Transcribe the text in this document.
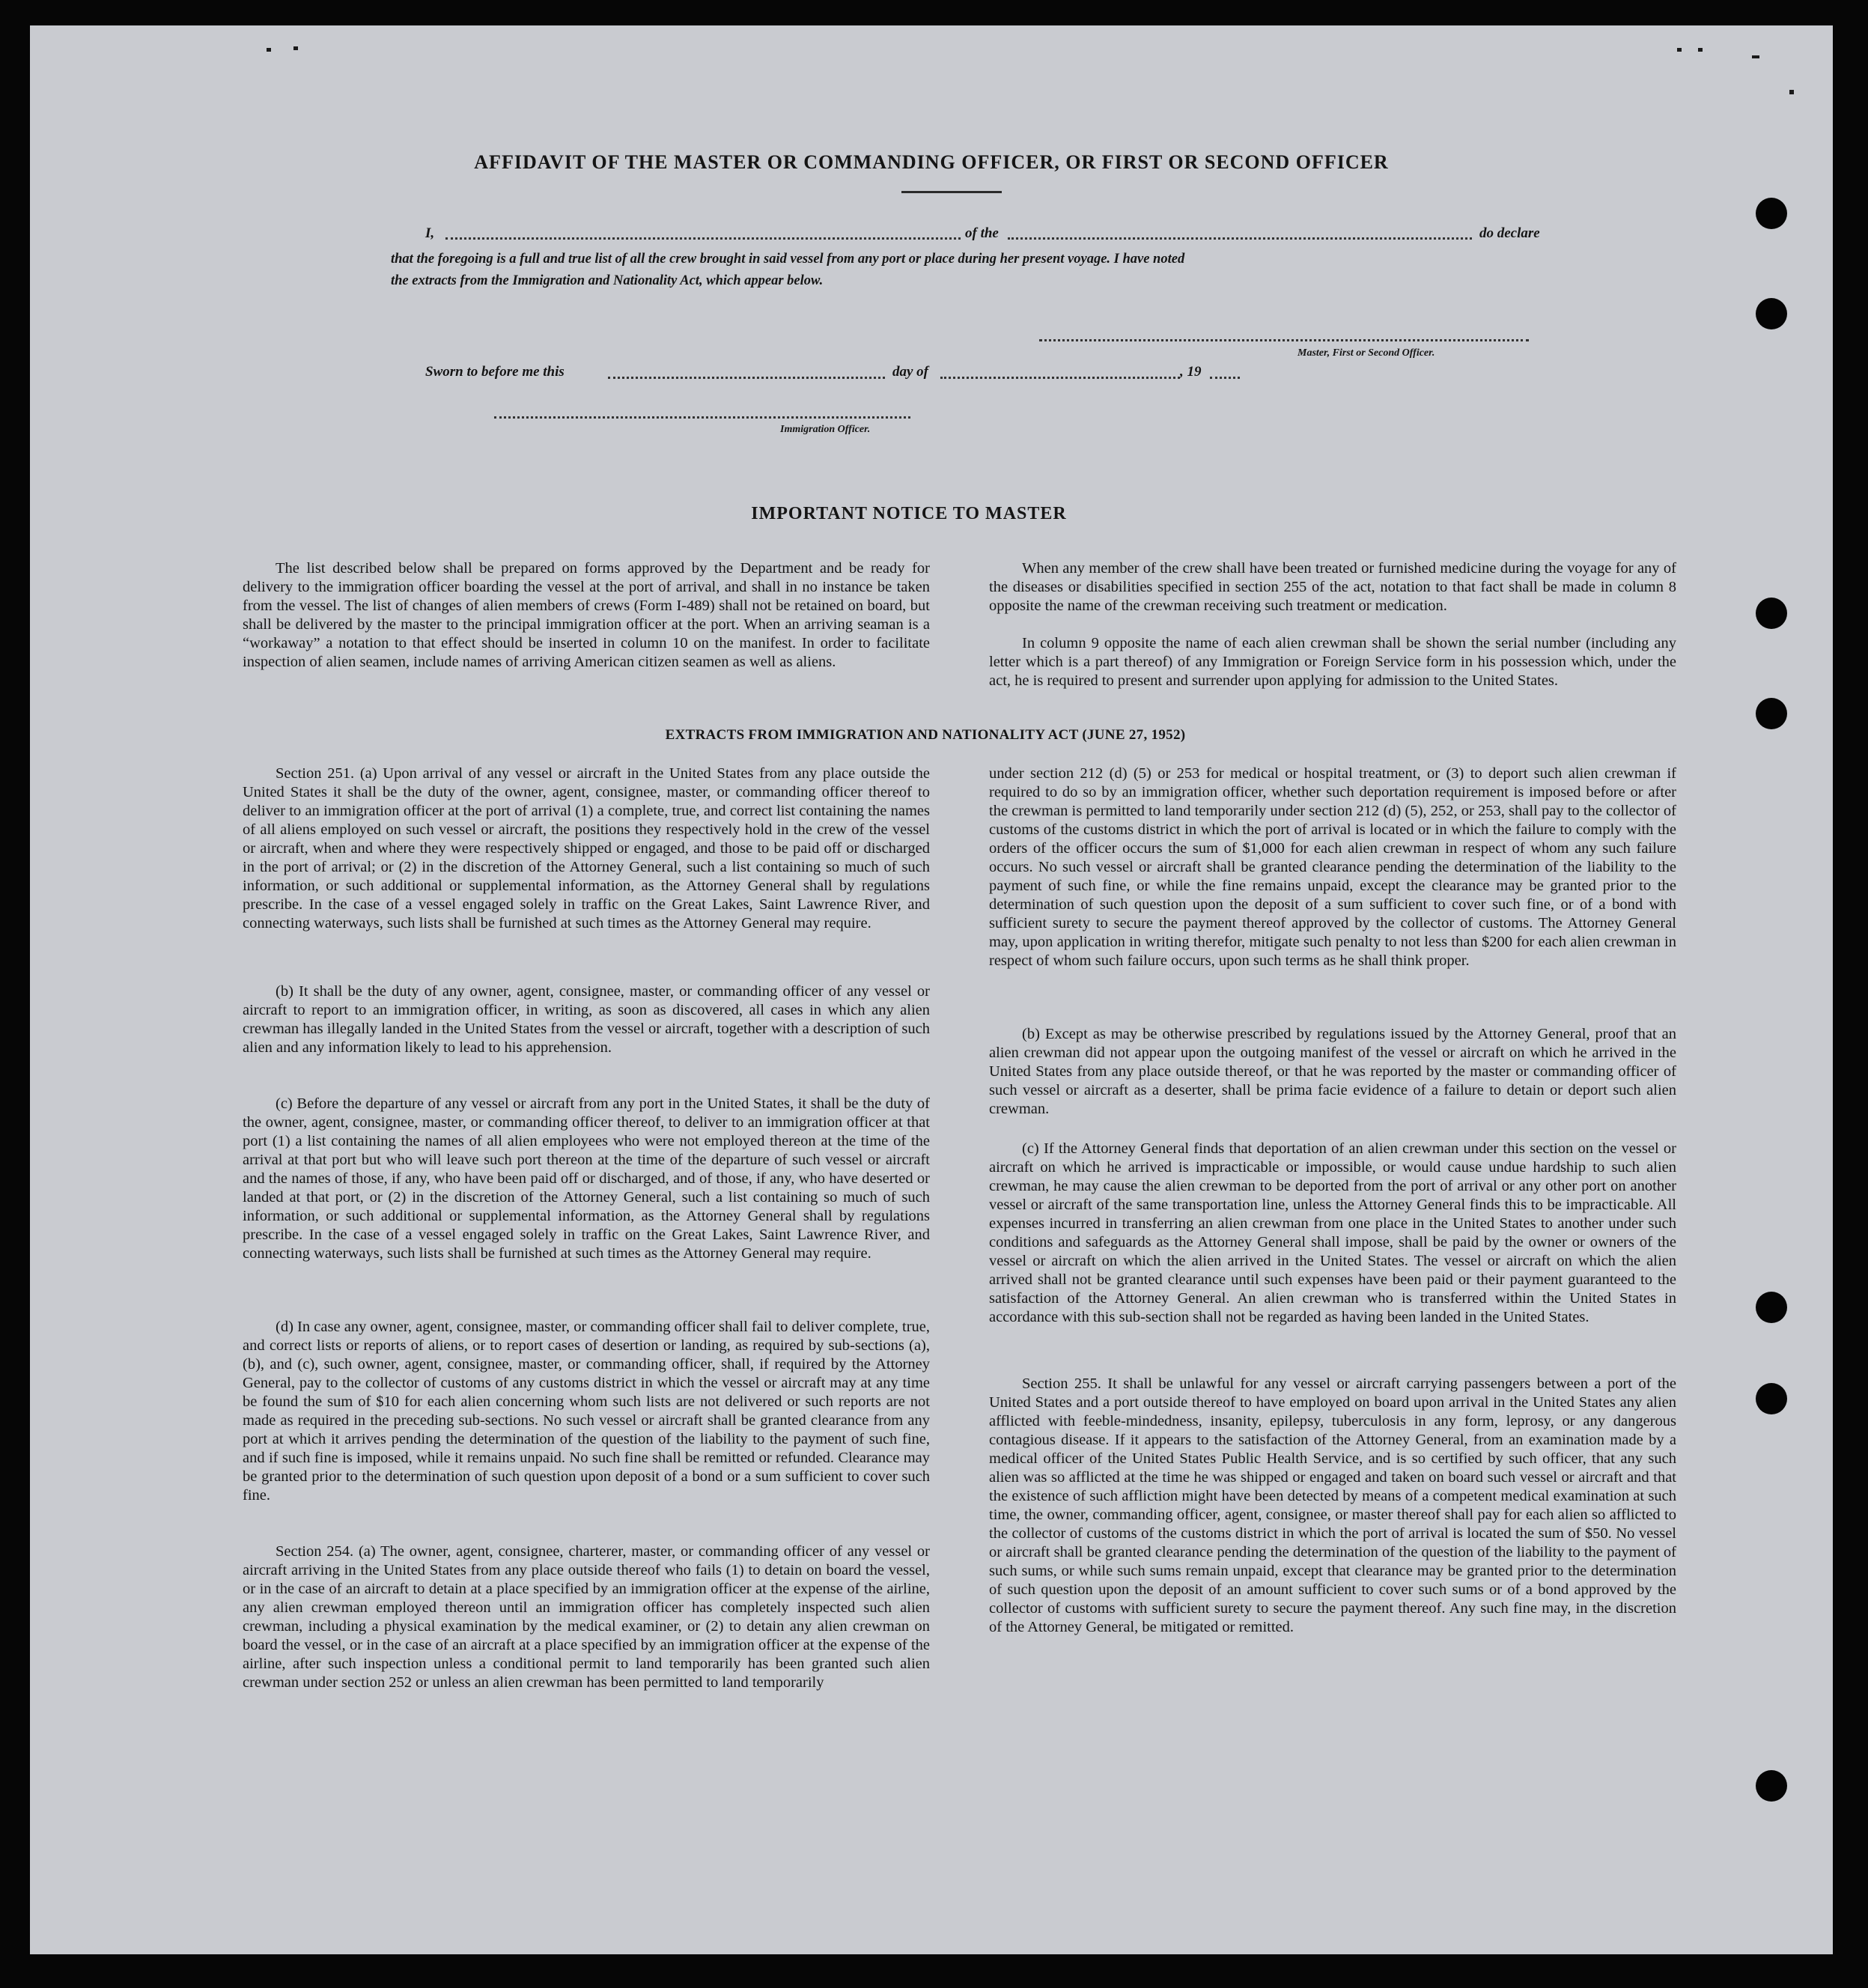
AFFIDAVIT OF THE MASTER OR COMMANDING OFFICER, OR FIRST OR SECOND OFFICER
I,	of the	do declare
that the foregoing is a full and true list of all the crew brought in said vessel from any port or place during her present voyage. I have noted
the extracts from the Immigration and Nationality Act, which appear below.
Master, First or Second Officer.
Sworn to before me this	day of	, 19
Immigration Officer.
IMPORTANT NOTICE TO MASTER

The list described below shall be prepared on forms approved by the Department and be ready for delivery to the immigration officer boarding the vessel at the port of arrival, and shall in no instance be taken from the vessel. The list of changes of alien members of crews (Form I-489) shall not be retained on board, but shall be delivered by the master to the principal immigration officer at the port. When an arriving seaman is a “workaway” a notation to that effect should be inserted in column 10 on the manifest. In order to facilitate inspection of alien seamen, include names of arriving American citizen seamen as well as aliens.

When any member of the crew shall have been treated or furnished medicine during the voyage for any of the diseases or disabilities specified in section 255 of the act, notation to that fact shall be made in column 8 opposite the name of the crewman receiving such treatment or medication.

In column 9 opposite the name of each alien crewman shall be shown the serial number (including any letter which is a part thereof) of any Immigration or Foreign Service form in his possession which, under the act, he is required to present and surrender upon applying for admission to the United States.

EXTRACTS FROM IMMIGRATION AND NATIONALITY ACT (JUNE 27, 1952)

Section 251. (a) Upon arrival of any vessel or aircraft in the United States from any place outside the United States it shall be the duty of the owner, agent, consignee, master, or commanding officer thereof to deliver to an immigration officer at the port of arrival (1) a complete, true, and correct list containing the names of all aliens employed on such vessel or aircraft, the positions they respectively hold in the crew of the vessel or aircraft, when and where they were respectively shipped or engaged, and those to be paid off or discharged in the port of arrival; or (2) in the discretion of the Attorney General, such a list containing so much of such information, or such additional or supplemental information, as the Attorney General shall by regulations prescribe. In the case of a vessel engaged solely in traffic on the Great Lakes, Saint Lawrence River, and connecting waterways, such lists shall be furnished at such times as the Attorney General may require.

(b) It shall be the duty of any owner, agent, consignee, master, or commanding officer of any vessel or aircraft to report to an immigration officer, in writing, as soon as discovered, all cases in which any alien crewman has illegally landed in the United States from the vessel or aircraft, together with a description of such alien and any information likely to lead to his apprehension.

(c) Before the departure of any vessel or aircraft from any port in the United States, it shall be the duty of the owner, agent, consignee, master, or commanding officer thereof, to deliver to an immigration officer at that port (1) a list containing the names of all alien employees who were not employed thereon at the time of the arrival at that port but who will leave such port thereon at the time of the departure of such vessel or aircraft and the names of those, if any, who have been paid off or discharged, and of those, if any, who have deserted or landed at that port, or (2) in the discretion of the Attorney General, such a list containing so much of such information, or such additional or supplemental information, as the Attorney General shall by regulations prescribe. In the case of a vessel engaged solely in traffic on the Great Lakes, Saint Lawrence River, and connecting waterways, such lists shall be furnished at such times as the Attorney General may require.

(d) In case any owner, agent, consignee, master, or commanding officer shall fail to deliver complete, true, and correct lists or reports of aliens, or to report cases of desertion or landing, as required by sub-sections (a), (b), and (c), such owner, agent, consignee, master, or commanding officer, shall, if required by the Attorney General, pay to the collector of customs of any customs district in which the vessel or aircraft may at any time be found the sum of $10 for each alien concerning whom such lists are not delivered or such reports are not made as required in the preceding sub-sections. No such vessel or aircraft shall be granted clearance from any port at which it arrives pending the determination of the question of the liability to the payment of such fine, and if such fine is imposed, while it remains unpaid. No such fine shall be remitted or refunded. Clearance may be granted prior to the determination of such question upon deposit of a bond or a sum sufficient to cover such fine.

Section 254. (a) The owner, agent, consignee, charterer, master, or commanding officer of any vessel or aircraft arriving in the United States from any place outside thereof who fails (1) to detain on board the vessel, or in the case of an aircraft to detain at a place specified by an immigration officer at the expense of the airline, any alien crewman employed thereon until an immigration officer has completely inspected such alien crewman, including a physical examination by the medical examiner, or (2) to detain any alien crewman on board the vessel, or in the case of an aircraft at a place specified by an immigration officer at the expense of the airline, after such inspection unless a conditional permit to land temporarily has been granted such alien crewman under section 252 or unless an alien crewman has been permitted to land temporarily

under section 212 (d) (5) or 253 for medical or hospital treatment, or (3) to deport such alien crewman if required to do so by an immigration officer, whether such deportation requirement is imposed before or after the crewman is permitted to land temporarily under section 212 (d) (5), 252, or 253, shall pay to the collector of customs of the customs district in which the port of arrival is located or in which the failure to comply with the orders of the officer occurs the sum of $1,000 for each alien crewman in respect of whom any such failure occurs. No such vessel or aircraft shall be granted clearance pending the determination of the liability to the payment of such fine, or while the fine remains unpaid, except the clearance may be granted prior to the determination of such question upon the deposit of a sum sufficient to cover such fine, or of a bond with sufficient surety to secure the payment thereof approved by the collector of customs. The Attorney General may, upon application in writing therefor, mitigate such penalty to not less than $200 for each alien crewman in respect of whom such failure occurs, upon such terms as he shall think proper.

(b) Except as may be otherwise prescribed by regulations issued by the Attorney General, proof that an alien crewman did not appear upon the outgoing manifest of the vessel or aircraft on which he arrived in the United States from any place outside thereof, or that he was reported by the master or commanding officer of such vessel or aircraft as a deserter, shall be prima facie evidence of a failure to detain or deport such alien crewman.

(c) If the Attorney General finds that deportation of an alien crewman under this section on the vessel or aircraft on which he arrived is impracticable or impossible, or would cause undue hardship to such alien crewman, he may cause the alien crewman to be deported from the port of arrival or any other port on another vessel or aircraft of the same transportation line, unless the Attorney General finds this to be impracticable. All expenses incurred in transferring an alien crewman from one place in the United States to another under such conditions and safeguards as the Attorney General shall impose, shall be paid by the owner or owners of the vessel or aircraft on which the alien arrived in the United States. The vessel or aircraft on which the alien arrived shall not be granted clearance until such expenses have been paid or their payment guaranteed to the satisfaction of the Attorney General. An alien crewman who is transferred within the United States in accordance with this sub-section shall not be regarded as having been landed in the United States.

Section 255. It shall be unlawful for any vessel or aircraft carrying passengers between a port of the United States and a port outside thereof to have employed on board upon arrival in the United States any alien afflicted with feeble-mindedness, insanity, epilepsy, tuberculosis in any form, leprosy, or any dangerous contagious disease. If it appears to the satisfaction of the Attorney General, from an examination made by a medical officer of the United States Public Health Service, and is so certified by such officer, that any such alien was so afflicted at the time he was shipped or engaged and taken on board such vessel or aircraft and that the existence of such affliction might have been detected by means of a competent medical examination at such time, the owner, commanding officer, agent, consignee, or master thereof shall pay for each alien so afflicted to the collector of customs of the customs district in which the port of arrival is located the sum of $50. No vessel or aircraft shall be granted clearance pending the determination of the question of the liability to the payment of such sums, or while such sums remain unpaid, except that clearance may be granted prior to the determination of such question upon the deposit of an amount sufficient to cover such sums or of a bond approved by the collector of customs with sufficient surety to secure the payment thereof. Any such fine may, in the discretion of the Attorney General, be mitigated or remitted.
